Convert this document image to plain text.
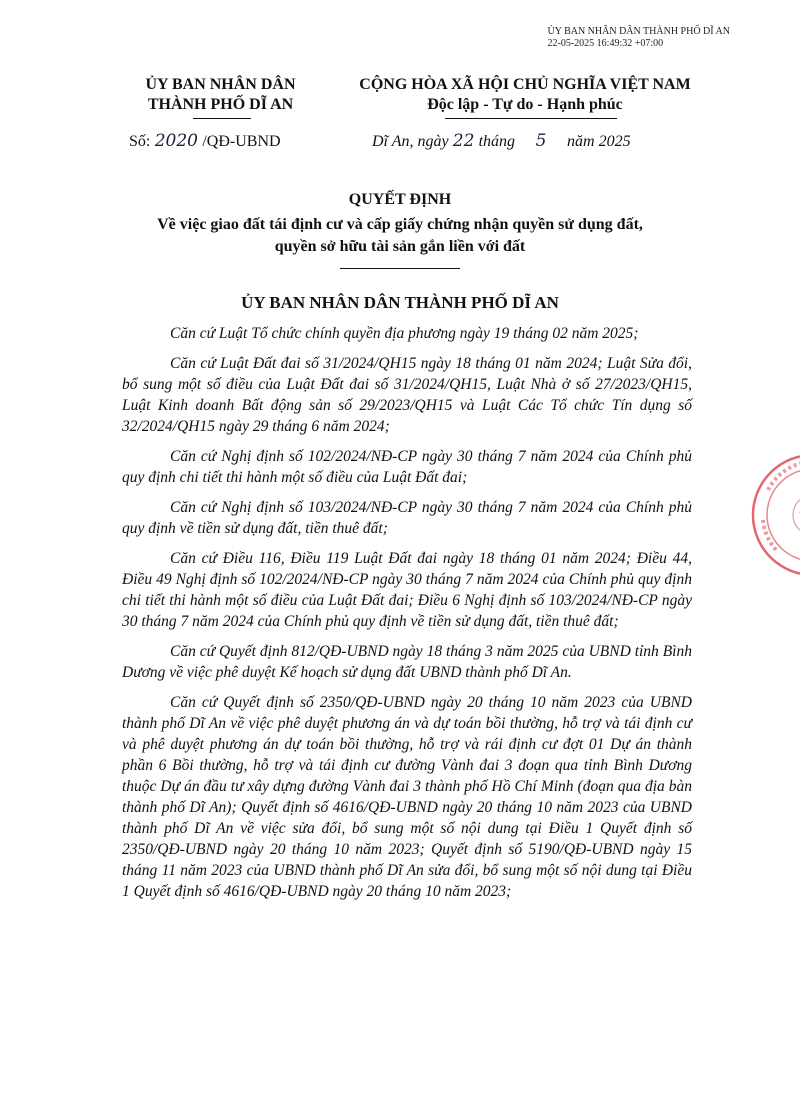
ỦY BAN NHÂN DÂN THÀNH PHỐ DĨ AN
22-05-2025 16:49:32 +07:00
ỦY BAN NHÂN DÂN
THÀNH PHỐ DĨ AN
CỘNG HÒA XÃ HỘI CHỦ NGHĨA VIỆT NAM
Độc lập - Tự do - Hạnh phúc
Số: 2020 /QĐ-UBND	Dĩ An, ngày 22 tháng 5 năm 2025
QUYẾT ĐỊNH
Về việc giao đất tái định cư và cấp giấy chứng nhận quyền sử dụng đất,
quyền sở hữu tài sản gắn liền với đất
ỦY BAN NHÂN DÂN THÀNH PHỐ DĨ AN

Căn cứ Luật Tổ chức chính quyền địa phương ngày 19 tháng 02 năm 2025;

Căn cứ Luật Đất đai số 31/2024/QH15 ngày 18 tháng 01 năm 2024; Luật Sửa đổi, bổ sung một số điều của Luật Đất đai số 31/2024/QH15, Luật Nhà ở số 27/2023/QH15, Luật Kinh doanh Bất động sản số 29/2023/QH15 và Luật Các Tổ chức Tín dụng số 32/2024/QH15 ngày 29 tháng 6 năm 2024;

Căn cứ Nghị định số 102/2024/NĐ-CP ngày 30 tháng 7 năm 2024 của Chính phủ quy định chi tiết thi hành một số điều của Luật Đất đai;

Căn cứ Nghị định số 103/2024/NĐ-CP ngày 30 tháng 7 năm 2024 của Chính phủ quy định về tiền sử dụng đất, tiền thuê đất;

Căn cứ Điều 116, Điều 119 Luật Đất đai ngày 18 tháng 01 năm 2024; Điều 44, Điều 49 Nghị định số 102/2024/NĐ-CP ngày 30 tháng 7 năm 2024 của Chính phủ quy định chi tiết thi hành một số điều của Luật Đất đai; Điều 6 Nghị định số 103/2024/NĐ-CP ngày 30 tháng 7 năm 2024 của Chính phủ quy định về tiền sử dụng đất, tiền thuê đất;

Căn cứ Quyết định 812/QĐ-UBND ngày 18 tháng 3 năm 2025 của UBND tỉnh Bình Dương về việc phê duyệt Kế hoạch sử dụng đất UBND thành phố Dĩ An.

Căn cứ Quyết định số 2350/QĐ-UBND ngày 20 tháng 10 năm 2023 của UBND thành phố Dĩ An về việc phê duyệt phương án và dự toán bồi thường, hỗ trợ và tái định cư và phê duyệt phương án dự toán bồi thường, hỗ trợ và rái định cư đợt 01 Dự án thành phần 6 Bồi thường, hỗ trợ và tái định cư đường Vành đai 3 đoạn qua tỉnh Bình Dương thuộc Dự án đầu tư xây dựng đường Vành đai 3 thành phố Hồ Chí Minh (đoạn qua địa bàn thành phố Dĩ An); Quyết định số 4616/QĐ-UBND ngày 20 tháng 10 năm 2023 của UBND thành phố Dĩ An về việc sửa đổi, bổ sung một số nội dung tại Điều 1 Quyết định số 2350/QĐ-UBND ngày 20 tháng 10 năm 2023; Quyết định số 5190/QĐ-UBND ngày 15 tháng 11 năm 2023 của UBND thành phố Dĩ An sửa đổi, bổ sung một số nội dung tại Điều 1 Quyết định số 4616/QĐ-UBND ngày 20 tháng 10 năm 2023;
